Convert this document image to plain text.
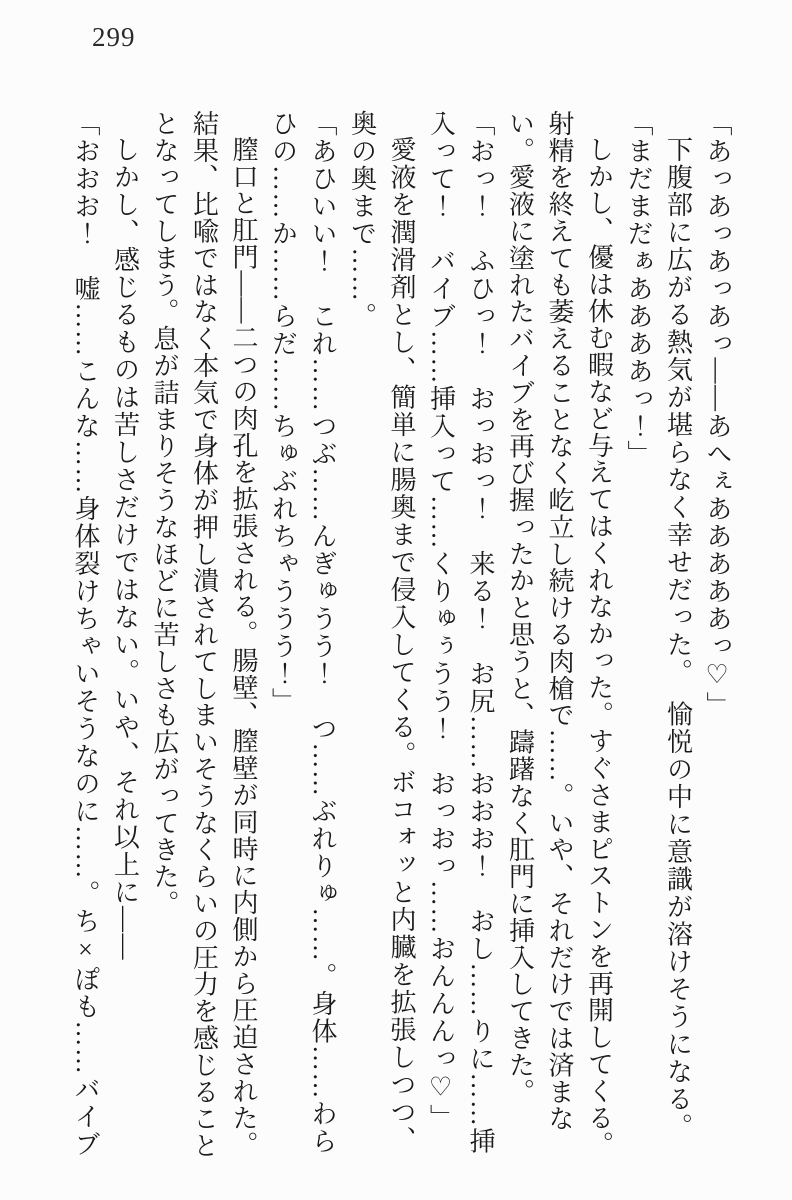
299

「あっあっあっあっ――あへぇあああああっ♡」

下腹部に広がる熱気が堪らなく幸せだった。　愉悦の中に意識が溶けそうになる。

「まだまだぁああああっ！」

しかし、優は休む暇など与えてはくれなかった。すぐさまピストンを再開してくる。射精を終えても萎えることなく屹立し続ける肉槍で……。いや、それだけでは済まない。愛液に塗れたバイブを再び握ったかと思うと、躊躇なく肛門に挿入してきた。

「おっ！　ふひっ！　おっおっ！　来る！　お尻……おおお！　おし……りに……挿入って！　バイブ……挿入って……くりゅぅうう！　おっおっ……おんんんっ♡」

愛液を潤滑剤とし、簡単に腸奥まで侵入してくる。ボコォッと内臓を拡張しつつ、奥の奥まで……。

「あひいい！　これ……つぶ……んぎゅうう！　つ……ぶれりゅ……。身体……わらひの……か……らだ……ちゅぶれちゃううう！」

膣口と肛門――二つの肉孔を拡張される。腸壁、膣壁が同時に内側から圧迫された。結果、比喩ではなく本気で身体が押し潰されてしまいそうなくらいの圧力を感じることとなってしまう。息が詰まりそうなほどに苦しさも広がってきた。

しかし、感じるものは苦しさだけではない。いや、それ以上に――

「おおお！　嘘……こんな……身体裂けちゃいそうなのに……。ち×ぽも……バイブ
